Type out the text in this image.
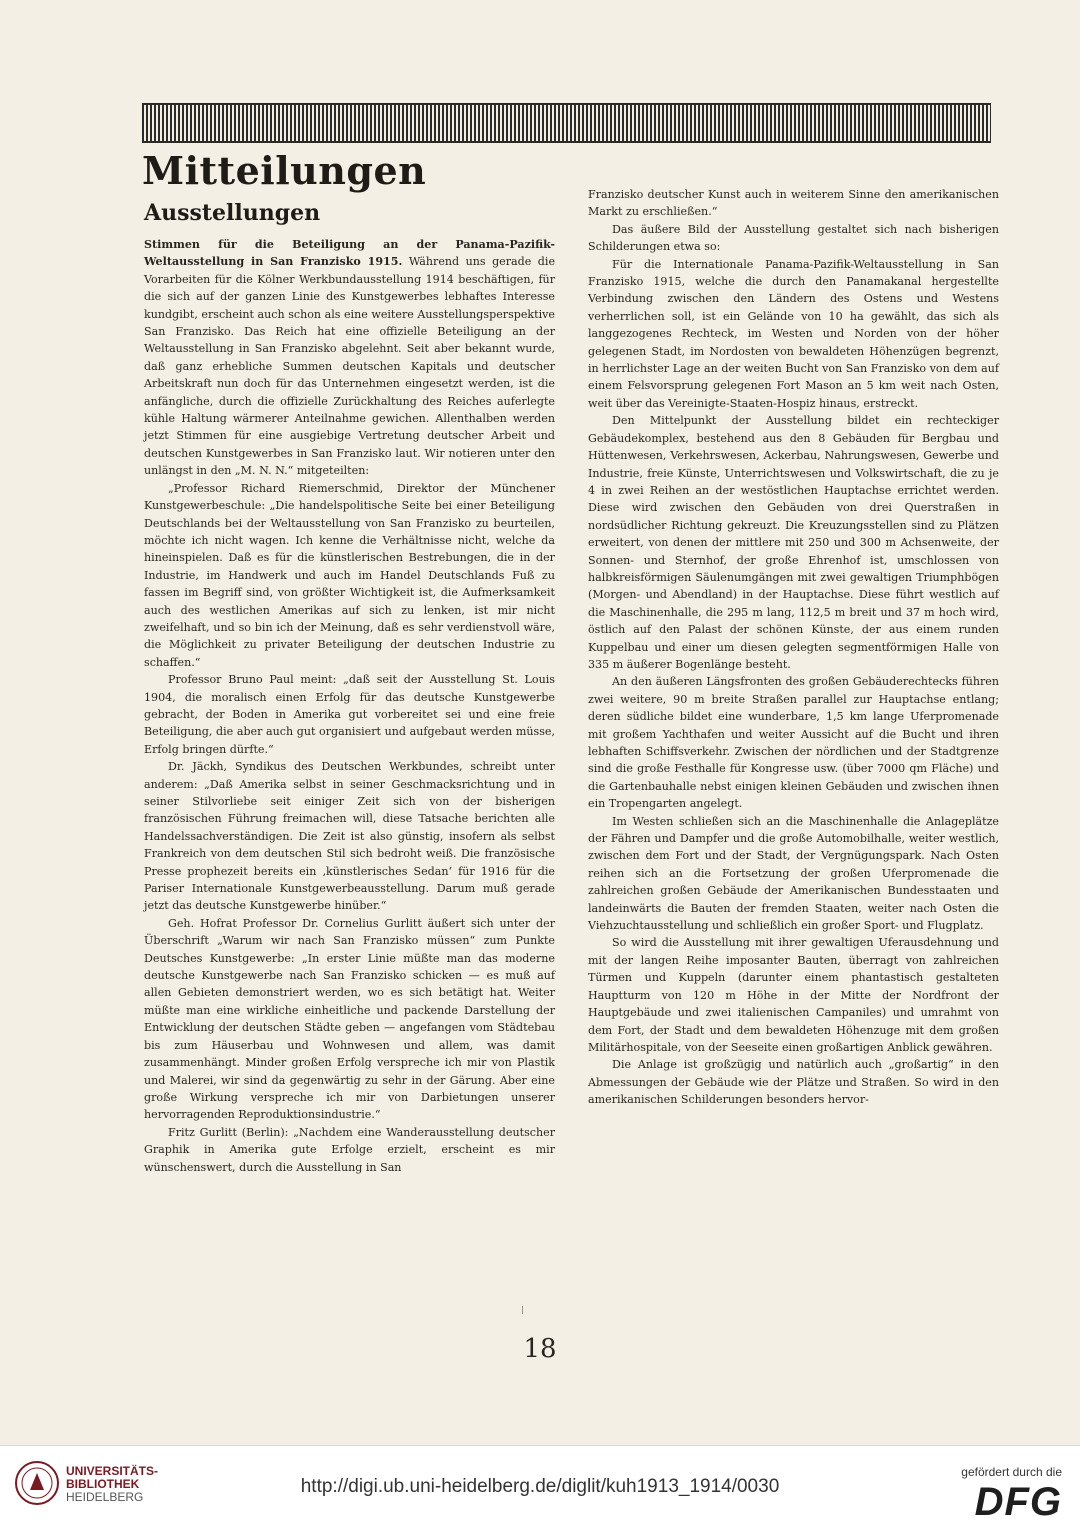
Mitteilungen
Ausstellungen

Stimmen für die Beteiligung an der Panama-Pazifik-Weltausstellung in San Franzisko 1915. Während uns gerade die Vorarbeiten für die Kölner Werkbundausstellung 1914 beschäftigen, für die sich auf der ganzen Linie des Kunstgewerbes lebhaftes Interesse kundgibt, erscheint auch schon als eine weitere Ausstellungsperspektive San Franzisko. Das Reich hat eine offizielle Beteiligung an der Weltausstellung in San Franzisko abgelehnt. Seit aber bekannt wurde, daß ganz erhebliche Summen deutschen Kapitals und deutscher Arbeitskraft nun doch für das Unternehmen eingesetzt werden, ist die anfängliche, durch die offizielle Zurückhaltung des Reiches auferlegte kühle Haltung wärmerer Anteilnahme gewichen. Allenthalben werden jetzt Stimmen für eine ausgiebige Vertretung deutscher Arbeit und deutschen Kunstgewerbes in San Franzisko laut. Wir notieren unter den unlängst in den „M. N. N.“ mitgeteilten:

„Professor Richard Riemerschmid, Direktor der Münchener Kunstgewerbeschule: „Die handelspolitische Seite bei einer Beteiligung Deutschlands bei der Weltausstellung von San Franzisko zu beurteilen, möchte ich nicht wagen. Ich kenne die Verhältnisse nicht, welche da hineinspielen. Daß es für die künstlerischen Bestrebungen, die in der Industrie, im Handwerk und auch im Handel Deutschlands Fuß zu fassen im Begriff sind, von größter Wichtigkeit ist, die Aufmerksamkeit auch des westlichen Amerikas auf sich zu lenken, ist mir nicht zweifelhaft, und so bin ich der Meinung, daß es sehr verdienstvoll wäre, die Möglichkeit zu privater Beteiligung der deutschen Industrie zu schaffen.“

Professor Bruno Paul meint: „daß seit der Ausstellung St. Louis 1904, die moralisch einen Erfolg für das deutsche Kunstgewerbe gebracht, der Boden in Amerika gut vorbereitet sei und eine freie Beteiligung, die aber auch gut organisiert und aufgebaut werden müsse, Erfolg bringen dürfte.“

Dr. Jäckh, Syndikus des Deutschen Werkbundes, schreibt unter anderem: „Daß Amerika selbst in seiner Geschmacksrichtung und in seiner Stilvorliebe seit einiger Zeit sich von der bisherigen französischen Führung freimachen will, diese Tatsache berichten alle Handelssachverständigen. Die Zeit ist also günstig, insofern als selbst Frankreich von dem deutschen Stil sich bedroht weiß. Die französische Presse prophezeit bereits ein ‚künstlerisches Sedan‘ für 1916 für die Pariser Internationale Kunstgewerbeausstellung. Darum muß gerade jetzt das deutsche Kunstgewerbe hinüber.“

Geh. Hofrat Professor Dr. Cornelius Gurlitt äußert sich unter der Überschrift „Warum wir nach San Franzisko müssen“ zum Punkte Deutsches Kunstgewerbe: „In erster Linie müßte man das moderne deutsche Kunstgewerbe nach San Franzisko schicken — es muß auf allen Gebieten demonstriert werden, wo es sich betätigt hat. Weiter müßte man eine wirkliche einheitliche und packende Darstellung der Entwicklung der deutschen Städte geben — angefangen vom Städtebau bis zum Häuserbau und Wohnwesen und allem, was damit zusammenhängt. Minder großen Erfolg verspreche ich mir von Plastik und Malerei, wir sind da gegenwärtig zu sehr in der Gärung. Aber eine große Wirkung verspreche ich mir von Darbietungen unserer hervorragenden Reproduktionsindustrie.“

Fritz Gurlitt (Berlin): „Nachdem eine Wanderausstellung deutscher Graphik in Amerika gute Erfolge erzielt, erscheint es mir wünschenswert, durch die Ausstellung in San

Franzisko deutscher Kunst auch in weiterem Sinne den amerikanischen Markt zu erschließen.“

Das äußere Bild der Ausstellung gestaltet sich nach bisherigen Schilderungen etwa so:

Für die Internationale Panama-Pazifik-Weltausstellung in San Franzisko 1915, welche die durch den Panamakanal hergestellte Verbindung zwischen den Ländern des Ostens und Westens verherrlichen soll, ist ein Gelände von 10 ha gewählt, das sich als langgezogenes Rechteck, im Westen und Norden von der höher gelegenen Stadt, im Nordosten von bewaldeten Höhenzügen begrenzt, in herrlichster Lage an der weiten Bucht von San Franzisko von dem auf einem Felsvorsprung gelegenen Fort Mason an 5 km weit nach Osten, weit über das Vereinigte-Staaten-Hospiz hinaus, erstreckt.

Den Mittelpunkt der Ausstellung bildet ein rechteckiger Gebäudekomplex, bestehend aus den 8 Gebäuden für Bergbau und Hüttenwesen, Verkehrswesen, Ackerbau, Nahrungswesen, Gewerbe und Industrie, freie Künste, Unterrichtswesen und Volkswirtschaft, die zu je 4 in zwei Reihen an der westöstlichen Hauptachse errichtet werden. Diese wird zwischen den Gebäuden von drei Querstraßen in nordsüdlicher Richtung gekreuzt. Die Kreuzungsstellen sind zu Plätzen erweitert, von denen der mittlere mit 250 und 300 m Achsenweite, der Sonnen- und Sternhof, der große Ehrenhof ist, umschlossen von halbkreisförmigen Säulenumgängen mit zwei gewaltigen Triumphbögen (Morgen- und Abendland) in der Hauptachse. Diese führt westlich auf die Maschinenhalle, die 295 m lang, 112,5 m breit und 37 m hoch wird, östlich auf den Palast der schönen Künste, der aus einem runden Kuppelbau und einer um diesen gelegten segmentförmigen Halle von 335 m äußerer Bogenlänge besteht.

An den äußeren Längsfronten des großen Gebäuderechtecks führen zwei weitere, 90 m breite Straßen parallel zur Hauptachse entlang; deren südliche bildet eine wunderbare, 1,5 km lange Uferpromenade mit großem Yachthafen und weiter Aussicht auf die Bucht und ihren lebhaften Schiffsverkehr. Zwischen der nördlichen und der Stadtgrenze sind die große Festhalle für Kongresse usw. (über 7000 qm Fläche) und die Gartenbauhalle nebst einigen kleinen Gebäuden und zwischen ihnen ein Tropengarten angelegt.

Im Westen schließen sich an die Maschinenhalle die Anlageplätze der Fähren und Dampfer und die große Automobilhalle, weiter westlich, zwischen dem Fort und der Stadt, der Vergnügungspark. Nach Osten reihen sich an die Fortsetzung der großen Uferpromenade die zahlreichen großen Gebäude der Amerikanischen Bundesstaaten und landeinwärts die Bauten der fremden Staaten, weiter nach Osten die Viehzuchtausstellung und schließlich ein großer Sport- und Flugplatz.

So wird die Ausstellung mit ihrer gewaltigen Uferausdehnung und mit der langen Reihe imposanter Bauten, überragt von zahlreichen Türmen und Kuppeln (darunter einem phantastisch gestalteten Hauptturm von 120 m Höhe in der Mitte der Nordfront der Hauptgebäude und zwei italienischen Campaniles) und umrahmt von dem Fort, der Stadt und dem bewaldeten Höhenzuge mit dem großen Militärhospitale, von der Seeseite einen großartigen Anblick gewähren.

Die Anlage ist großzügig und natürlich auch „großartig“ in den Abmessungen der Gebäude wie der Plätze und Straßen. So wird in den amerikanischen Schilderungen besonders hervor-

18
UNIVERSITÄTS-
BIBLIOTHEK
HEIDELBERG	http://digi.ub.uni-heidelberg.de/diglit/kuh1913_1914/0030
gefördert durch die
DFG
